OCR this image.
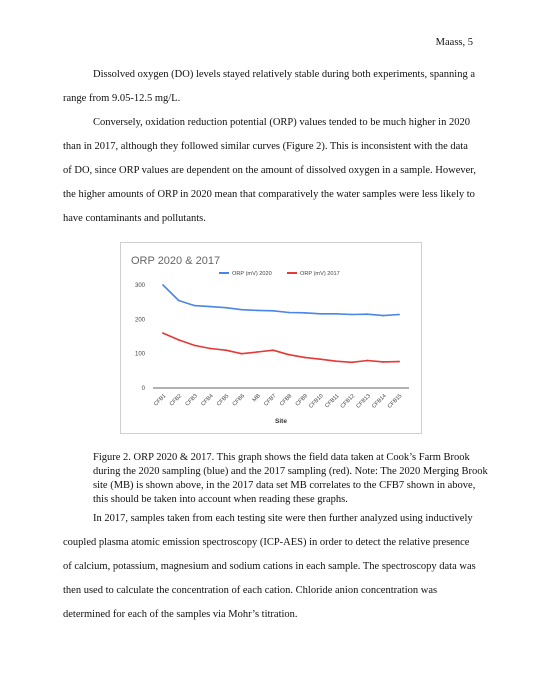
Maass, 5

Dissolved oxygen (DO) levels stayed relatively stable during both experiments, spanning a range from 9.05-12.5 mg/L.

Conversely, oxidation reduction potential (ORP) values tended to be much higher in 2020 than in 2017, although they followed similar curves (Figure 2). This is inconsistent with the data of DO, since ORP values are dependent on the amount of dissolved oxygen in a sample. However, the higher amounts of ORP in 2020 mean that comparatively the water samples were less likely to have contaminants and pollutants.

ORP 2020 & 2017
ORP (mV) 2020	ORP (mV) 2017
0
100
200
300
CFB1 CFB2 CFB3 CFB4 CFB5 CFB6 MB CFB7 CFB8 CFB9 CFB10 CFB11 CFB12 CFB13 CFB14 CFB15
Site

Figure 2. ORP 2020 & 2017. This graph shows the field data taken at Cook’s Farm Brook during the 2020 sampling (blue) and the 2017 sampling (red). Note: The 2020 Merging Brook site (MB) is shown above, in the 2017 data set MB correlates to the CFB7 shown in above, this should be taken into account when reading these graphs.

In 2017, samples taken from each testing site were then further analyzed using inductively coupled plasma atomic emission spectroscopy (ICP-AES) in order to detect the relative presence of calcium, potassium, magnesium and sodium cations in each sample. The spectroscopy data was then used to calculate the concentration of each cation. Chloride anion concentration was determined for each of the samples via Mohr’s titration.
